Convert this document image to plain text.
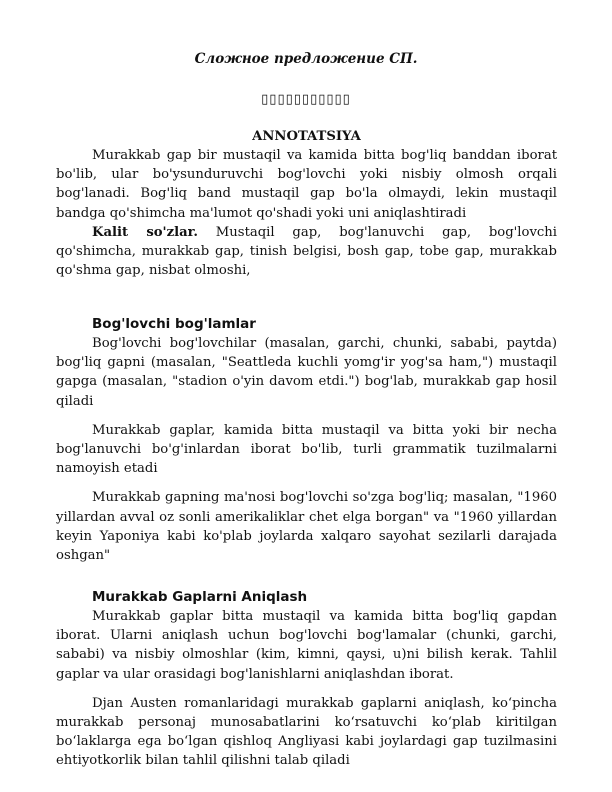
Сложное предложение СП.
▯▯▯▯▯▯▯▯▯▯▯
ANNOTATSIYA

Murakkab gap bir mustaqil va kamida bitta bog'liq banddan iborat bo'lib, ular bo'ysunduruvchi bog'lovchi yoki nisbiy olmosh orqali bog'lanadi. Bog'liq band mustaqil gap bo'la olmaydi, lekin mustaqil bandga qo'shimcha ma'lumot qo'shadi yoki uni aniqlashtiradi

Kalit so'zlar. Mustaqil gap, bog'lanuvchi gap, bog'lovchi qo'shimcha, murakkab gap, tinish belgisi, bosh gap, tobe gap, murakkab qo'shma gap, nisbat olmoshi,

Bog'lovchi bog'lamlar

Bog'lovchi bog'lovchilar (masalan, garchi, chunki, sababi, paytda) bog'liq gapni (masalan, "Seattleda kuchli yomg'ir yog'sa ham,") mustaqil gapga (masalan, "stadion o'yin davom etdi.") bog'lab, murakkab gap hosil qiladi

Murakkab gaplar, kamida bitta mustaqil va bitta yoki bir necha bog'lanuvchi bo'g'inlardan iborat bo'lib, turli grammatik tuzilmalarni namoyish etadi

Murakkab gapning ma'nosi bog'lovchi so'zga bog'liq; masalan, "1960 yillardan avval oz sonli amerikaliklar chet elga borgan" va "1960 yillardan keyin Yaponiya kabi ko'plab joylarda xalqaro sayohat sezilarli darajada oshgan"

Murakkab Gaplarni Aniqlash

Murakkab gaplar bitta mustaqil va kamida bitta bog'liq gapdan iborat. Ularni aniqlash uchun bog'lovchi bog'lamalar (chunki, garchi, sababi) va nisbiy olmoshlar (kim, kimni, qaysi, u)ni bilish kerak. Tahlil gaplar va ular orasidagi bog'lanishlarni aniqlashdan iborat.

Djan Austen romanlaridagi murakkab gaplarni aniqlash, ko‘pincha murakkab personaj munosabatlarini ko‘rsatuvchi ko‘plab kiritilgan bo‘laklarga ega bo‘lgan qishloq Angliyasi kabi joylardagi gap tuzilmasini ehtiyotkorlik bilan tahlil qilishni talab qiladi
